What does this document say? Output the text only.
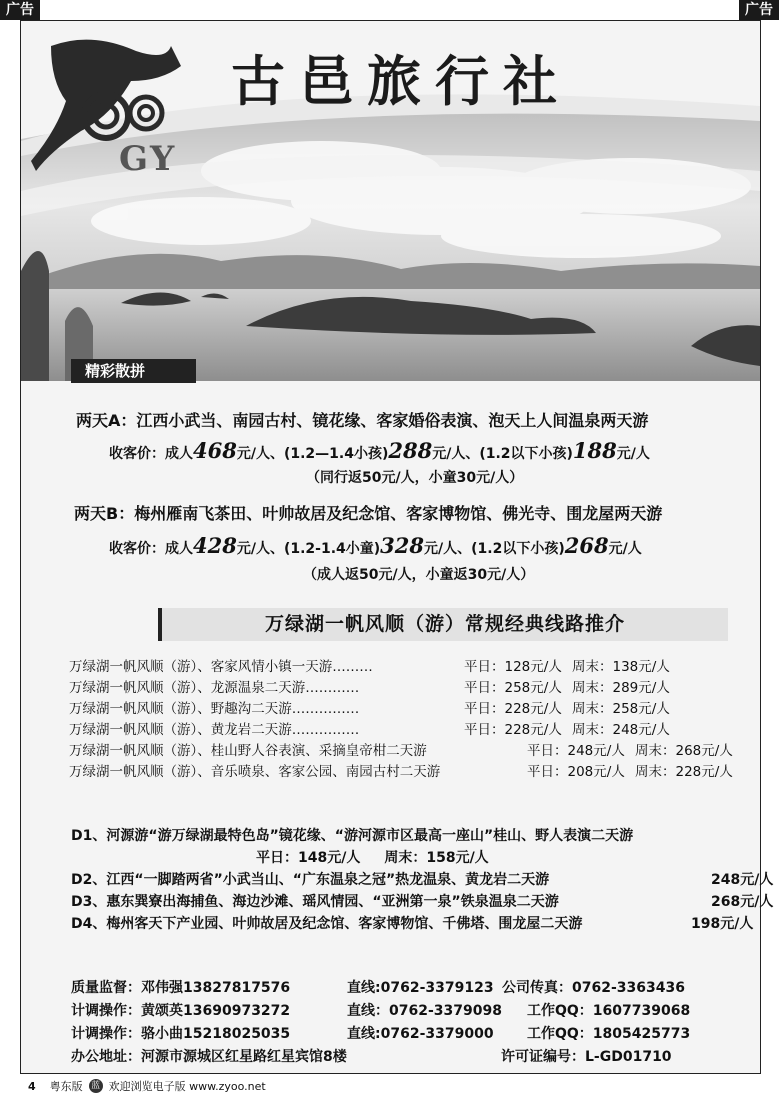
广告	广告
古邑旅行社
GY
精彩散拼
两天A：江西小武当、南园古村、镜花缘、客家婚俗表演、泡天上人间温泉两天游
收客价：成人468元/人、(1.2—1.4小孩)288元/人、(1.2以下小孩)188元/人
（同行返50元/人，小童30元/人）
两天B：梅州雁南飞茶田、叶帅故居及纪念馆、客家博物馆、佛光寺、围龙屋两天游
收客价：成人428元/人、(1.2-1.4小童)328元/人、(1.2以下小孩)268元/人
（成人返50元/人，小童返30元/人）
万绿湖一帆风顺（游）常规经典线路推介
万绿湖一帆风顺（游）、客家风情小镇一天游………	平日：128元/人 周末：138元/人
万绿湖一帆风顺（游）、龙源温泉二天游…………	平日：258元/人 周末：289元/人
万绿湖一帆风顺（游）、野趣沟二天游……………	平日：228元/人 周末：258元/人
万绿湖一帆风顺（游）、黄龙岩二天游……………	平日：228元/人 周末：248元/人
万绿湖一帆风顺（游）、桂山野人谷表演、采摘皇帝柑二天游	平日：248元/人 周末：268元/人
万绿湖一帆风顺（游）、音乐喷泉、客家公园、南园古村二天游	平日：208元/人 周末：228元/人
D1、河源游“游万绿湖最特色岛”镜花缘、“游河源市区最高一座山”桂山、野人表演二天游
平日：148元/人 周末：158元/人
D2、江西“一脚踏两省”小武当山、“广东温泉之冠”热龙温泉、黄龙岩二天游	248元/人
D3、惠东巽寮出海捕鱼、海边沙滩、瑶风情园、“亚洲第一泉”铁泉温泉二天游	268元/人
D4、梅州客天下产业园、叶帅故居及纪念馆、客家博物馆、千佛塔、围龙屋二天游	198元/人
质量监督：邓伟强13827817576	直线:0762-3379123 公司传真：0762-3363436
计调操作：黄颂英13690973272	直线：0762-3379098	工作QQ：1607739068
计调操作：骆小曲15218025035	直线:0762-3379000	工作QQ：1805425773
办公地址：河源市源城区红星路红星宾馆8楼	许可证编号：L-GD01710
4 粤东版 蓝 欢迎浏览电子版 www.zyoo.net
